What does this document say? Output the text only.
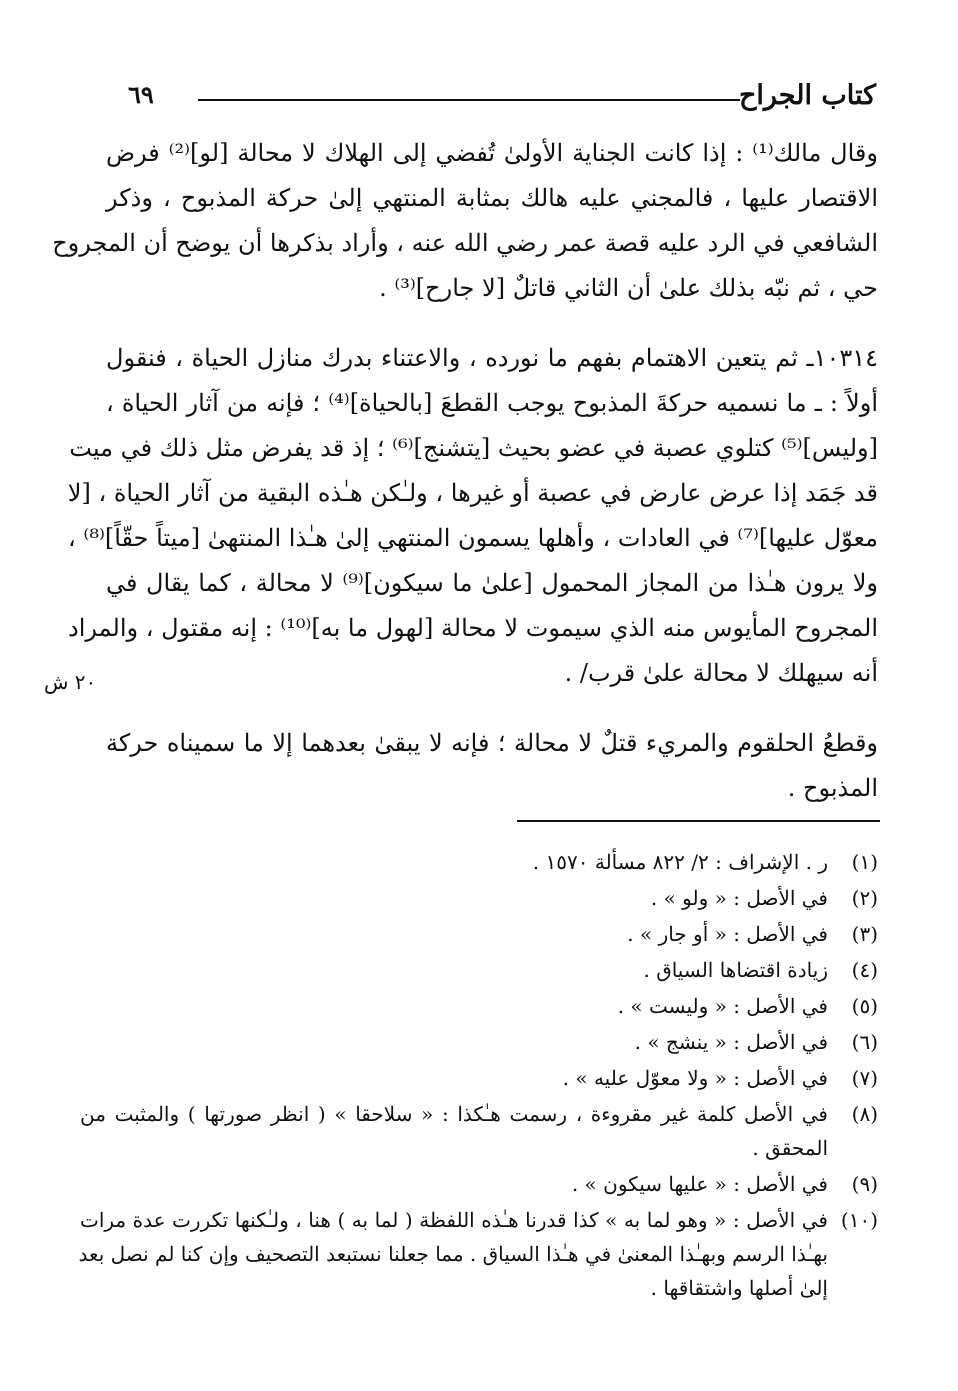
كتاب الجراح
٦٩
وقال مالك⁽¹⁾ : إذا كانت الجناية الأولىٰ تُفضي إلى الهلاك لا محالة [لو]⁽²⁾ فرض
الاقتصار عليها ، فالمجني عليه هالك بمثابة المنتهي إلىٰ حركة المذبوح ، وذكر
الشافعي في الرد عليه قصة عمر رضي الله عنه ، وأراد بذكرها أن يوضح أن المجروح
حي ، ثم نبّه بذلك علىٰ أن الثاني قاتلٌ [لا جارح]⁽³⁾ .
١٠٣١٤ـ ثم يتعين الاهتمام بفهم ما نورده ، والاعتناء بدرك منازل الحياة ، فنقول
أولاً : ـ ما نسميه حركةَ المذبوح يوجب القطعَ [بالحياة]⁽⁴⁾ ؛ فإنه من آثار الحياة ،
[وليس]⁽⁵⁾ كتلوي عصبة في عضو بحيث [يتشنج]⁽⁶⁾ ؛ إذ قد يفرض مثل ذلك في ميت
قد جَمَد إذا عرض عارض في عصبة أو غيرها ، ولـٰكن هـٰذه البقية من آثار الحياة ، [لا
معوّل عليها]⁽⁷⁾ في العادات ، وأهلها يسمون المنتهي إلىٰ هـٰذا المنتهىٰ [ميتاً حقّاً]⁽⁸⁾ ،
ولا يرون هـٰذا من المجاز المحمول [علىٰ ما سيكون]⁽⁹⁾ لا محالة ، كما يقال في
المجروح المأيوس منه الذي سيموت لا محالة [لهول ما به]⁽¹⁰⁾ : إنه مقتول ، والمراد
أنه سيهلك لا محالة علىٰ قرب/ .
٢٠ ش
وقطعُ الحلقوم والمريء قتلٌ لا محالة ؛ فإنه لا يبقىٰ بعدهما إلا ما سميناه حركة
المذبوح .
(١)
ر . الإشراف : ٢/ ٨٢٢ مسألة ١٥٧٠ .
(٢)
في الأصل : « ولو » .
(٣)
في الأصل : « أو جار » .
(٤)
زيادة اقتضاها السياق .
(٥)
في الأصل : « وليست » .
(٦)
في الأصل : « ينشج » .
(٧)
في الأصل : « ولا معوّل عليه » .
(٨)
في الأصل كلمة غير مقروءة ، رسمت هـٰكذا : « سلاحقا » ( انظر صورتها ) والمثبت من
المحقق .
(٩)
في الأصل : « عليها سيكون » .
(١٠)
في الأصل : « وهو لما به » كذا قدرنا هـٰذه اللفظة ( لما به ) هنا ، ولـٰكنها تكررت عدة مرات
بهـٰذا الرسم وبهـٰذا المعنىٰ في هـٰذا السياق . مما جعلنا نستبعد التصحيف وإن كنا لم نصل بعد
إلىٰ أصلها واشتقاقها .
